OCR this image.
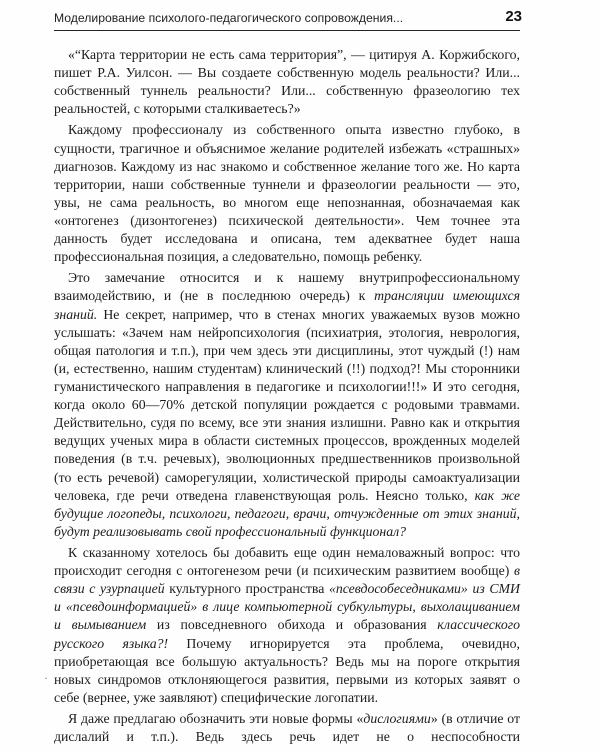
Моделирование психолого-педагогического сопровождения...	23

«“Карта территории не есть сама территория”, — цитируя А. Коржибского, пишет Р.А. Уилсон. — Вы создаете собственную модель реальности? Или... собственный туннель реальности? Или... собственную фразеологию тех реальностей, с которыми сталкиваетесь?»

Каждому профессионалу из собственного опыта известно глубоко, в сущности, трагичное и объяснимое желание родителей избежать «страшных» диагнозов. Каждому из нас знакомо и собственное желание того же. Но карта территории, наши собственные туннели и фразеологии реальности — это, увы, не сама реальность, во многом еще непознанная, обозначаемая как «онтогенез (дизонтогенез) психической деятельности». Чем точнее эта данность будет исследована и описана, тем адекватнее будет наша профессиональная позиция, а следовательно, помощь ребенку.

Это замечание относится и к нашему внутрипрофессиональному взаимодействию, и (не в последнюю очередь) к трансляции имеющихся знаний. Не секрет, например, что в стенах многих уважаемых вузов можно услышать: «Зачем нам нейропсихология (психиатрия, этология, неврология, общая патология и т.п.), при чем здесь эти дисциплины, этот чуждый (!) нам (и, естественно, нашим студентам) клинический (!!) подход?! Мы сторонники гуманистического направления в педагогике и психологии!!!» И это сегодня, когда около 60—70% детской популяции рождается с родовыми травмами. Действительно, судя по всему, все эти знания излишни. Равно как и открытия ведущих ученых мира в области системных процессов, врожденных моделей поведения (в т.ч. речевых), эволюционных предшественников произвольной (то есть речевой) саморегуляции, холистической природы самоактуализации человека, где речи отведена главенствующая роль. Неясно только, как же будущие логопеды, психологи, педагоги, врачи, отчужденные от этих знаний, будут реализовывать свой профессиональный функционал?

К сказанному хотелось бы добавить еще один немаловажный вопрос: что происходит сегодня с онтогенезом речи (и психическим развитием вообще) в связи с узурпацией культурного пространства «псевдособеседниками» из СМИ и «псевдоинформацией» в лице компьютерной субкультуры, выхолащиванием и вымыванием из повседневного обихода и образования классического русского языка?! Почему игнорируется эта проблема, очевидно, приобретающая все большую актуальность? Ведь мы на пороге открытия новых синдромов отклоняющегося развития, первыми из которых заявят о себе (вернее, уже заявляют) специфические логопатии.

Я даже предлагаю обозначить эти новые формы «дислогиями» (в отличие от дислалий и т.п.). Ведь здесь речь идет не о неспособности

·
